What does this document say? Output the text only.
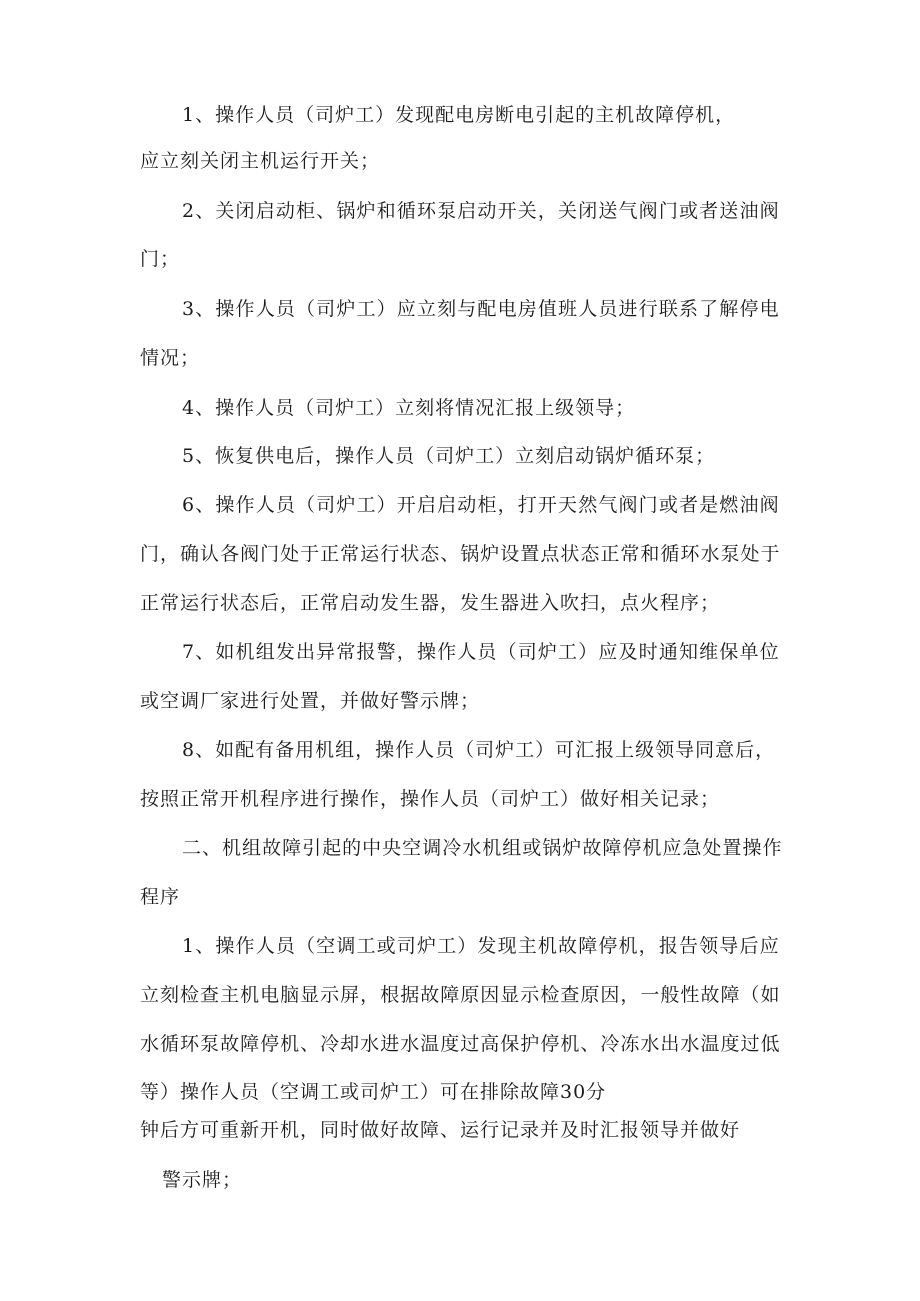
1、操作人员（司炉工）发现配电房断电引起的主机故障停机，
应立刻关闭主机运行开关；
2 、 关 闭 启 动 柜 、 锅 炉 和 循 环 泵 启 动 开 关 ， 关 闭 送 气 阀 门 或 者 送 油 阀
门；
3 、 操 作 人 员 （ 司 炉 工 ） 应 立 刻 与 配 电 房 值 班 人 员 进 行 联 系 了 解 停 电
情况；
4、操作人员（司炉工）立刻将情况汇报上级领导；
5、恢复供电后，操作人员（司炉工）立刻启动锅炉循环泵；
6 、 操 作 人 员 （ 司 炉 工 ） 开 启 启 动 柜 ， 打 开 天 然 气 阀 门 或 者 是 燃 油 阀
门 ， 确 认 各 阀 门 处 于 正 常 运 行 状 态 、 锅 炉 设 置 点 状 态 正 常 和 循 环 水 泵 处 于
正常运行状态后，正常启动发生器，发生器进入吹扫，点火程序；
7 、 如 机 组 发 出 异 常 报 警 ， 操 作 人 员 （ 司 炉 工 ） 应 及 时 通 知 维 保 单 位
或空调厂家进行处置，并做好警示牌；
8、如配有备用机组，操作人员（司炉工）可汇报上级领导同意后，
按照正常开机程序进行操作，操作人员（司炉工）做好相关记录；
二 、 机 组 故 障 引 起 的 中 央 空 调 冷 水 机 组 或 锅 炉 故 障 停 机 应 急 处 置 操 作
程序
1 、 操 作 人 员 （ 空 调 工 或 司 炉 工 ） 发 现 主 机 故 障 停 机 ， 报 告 领 导 后 应
立 刻 检 查 主 机 电 脑 显 示 屏 ， 根 据 故 障 原 因 显 示 检 查 原 因 ， 一 般 性 故 障 （ 如
水 循 环 泵 故 障 停 机 、 冷 却 水 进 水 温 度 过 高 保 护 停 机 、 冷 冻 水 出 水 温 度 过 低
等）操作人员（空调工或司炉工）可在排除故障30分
钟后方可重新开机，同时做好故障、运行记录并及时汇报领导并做好
警示牌；
